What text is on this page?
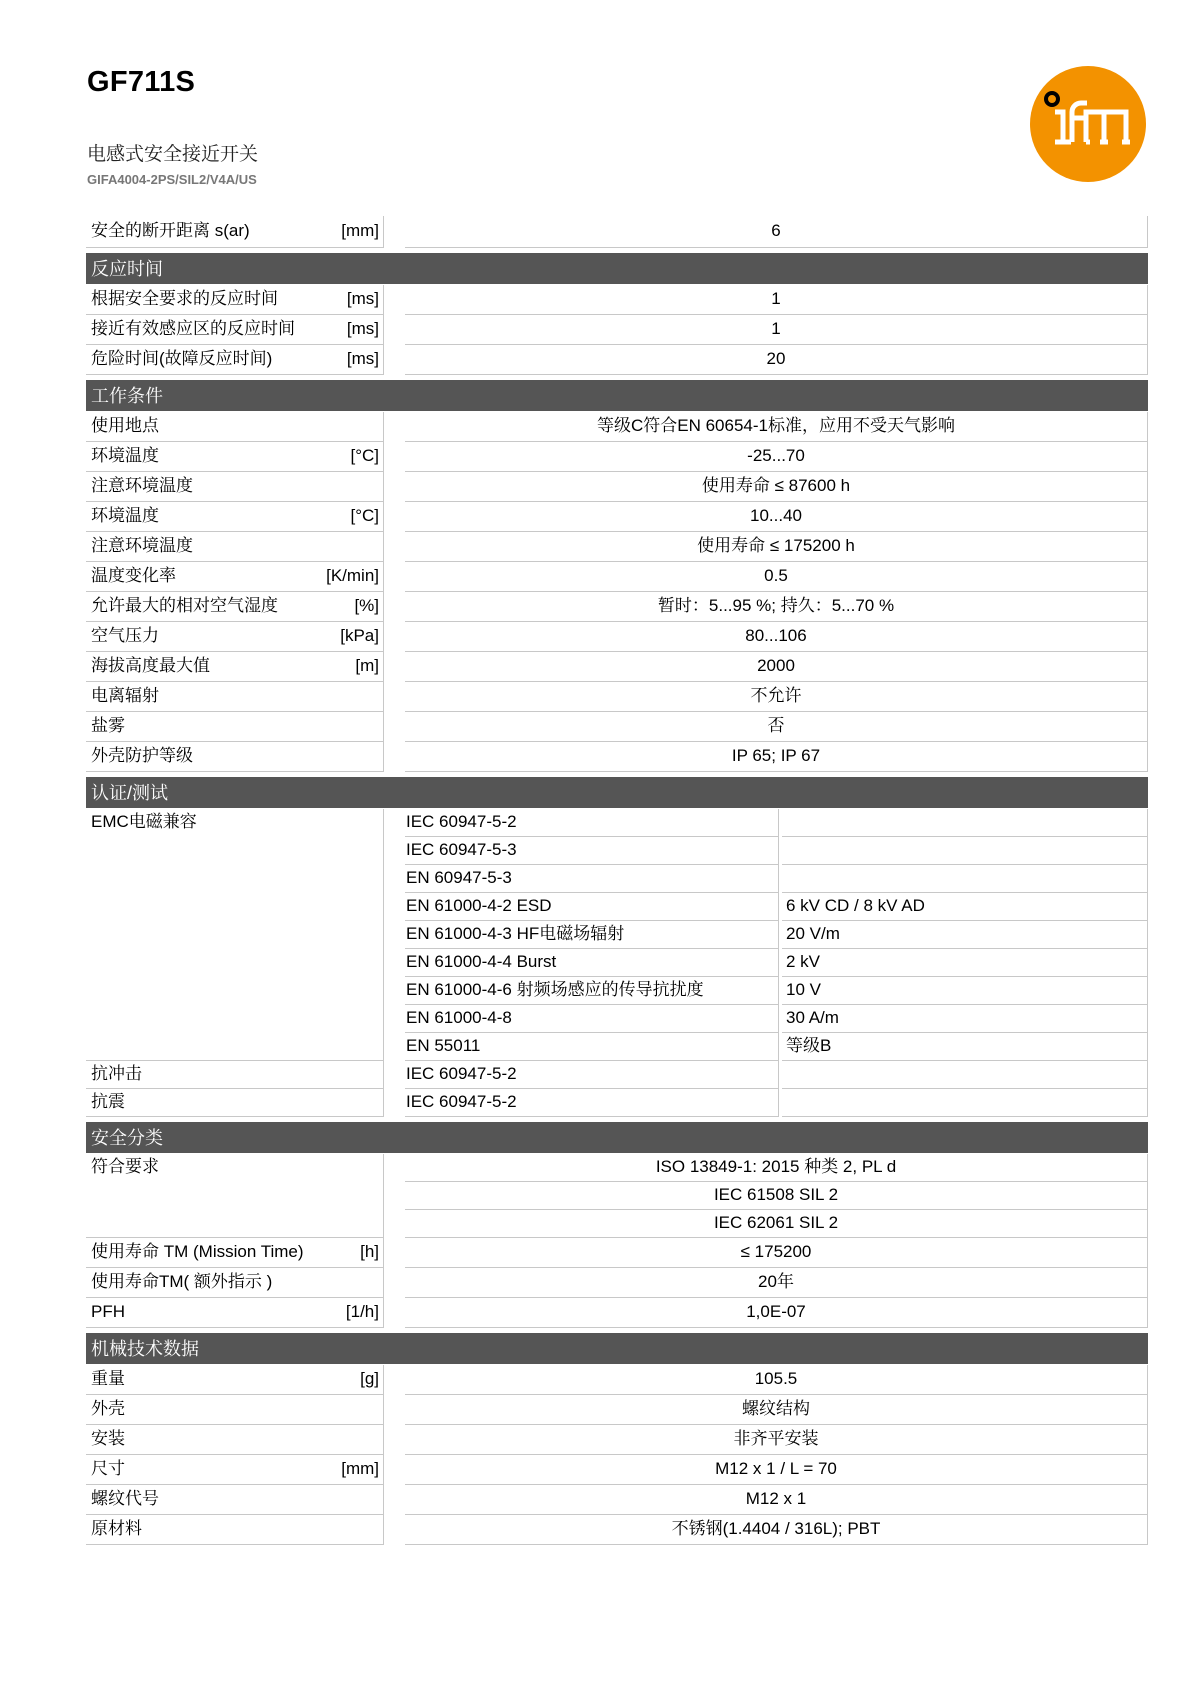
GF711S
电感式安全接近开关
GIFA4004-2PS/SIL2/V4A/US	ifm
安全的断开距离 s(ar)	[mm]	6
反应时间
根据安全要求的反应时间	[ms]	1
接近有效感应区的反应时间	[ms]	1
危险时间(故障反应时间)	[ms]	20
工作条件
使用地点	等级C符合EN 60654-1标准，应用不受天气影响
环境温度	[°C]	-25...70
注意环境温度	使用寿命 ≤ 87600 h
环境温度	[°C]	10...40
注意环境温度	使用寿命 ≤ 175200 h
温度变化率	[K/min]	0.5
允许最大的相对空气湿度	[%]	暂时：5...95 %; 持久：5...70 %
空气压力	[kPa]	80...106
海拔高度最大值	[m]	2000
电离辐射	不允许
盐雾	否
外壳防护等级	IP 65; IP 67
认证/测试
EMC电磁兼容	IEC 60947-5-2
IEC 60947-5-3
EN 60947-5-3
EN 61000-4-2 ESD	6 kV CD / 8 kV AD
EN 61000-4-3 HF电磁场辐射	20 V/m
EN 61000-4-4 Burst	2 kV
EN 61000-4-6 射频场感应的传导抗扰度	10 V
EN 61000-4-8	30 A/m
EN 55011	等级B
抗冲击	IEC 60947-5-2
抗震	IEC 60947-5-2
安全分类
符合要求	ISO 13849-1: 2015 种类 2, PL d
IEC 61508 SIL 2
IEC 62061 SIL 2
使用寿命 TM (Mission Time)	[h]	≤ 175200
使用寿命TM( 额外指示 )	20年
PFH	[1/h]	1,0E-07
机械技术数据
重量	[g]	105.5
外壳	螺纹结构
安装	非齐平安装
尺寸	[mm]	M12 x 1 / L = 70
螺纹代号	M12 x 1
原材料	不锈钢(1.4404 / 316L); PBT
